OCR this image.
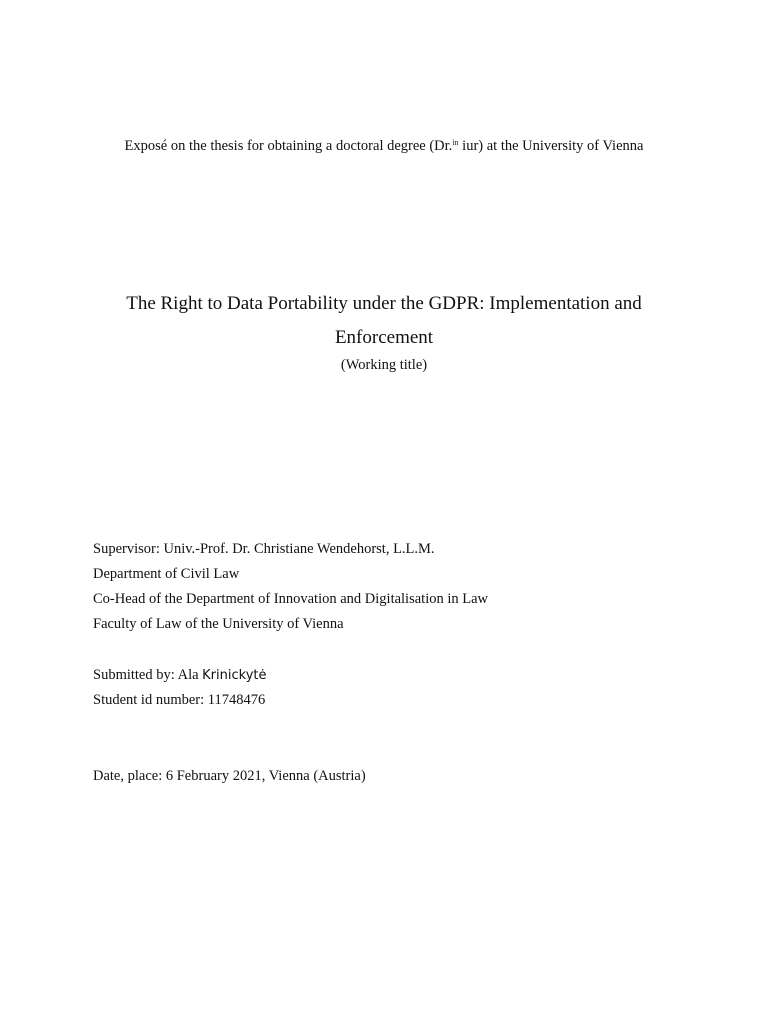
Exposé on the thesis for obtaining a doctoral degree (Dr.$^{in}$ iur) at the University of Vienna
The Right to Data Portability under the GDPR: Implementation and Enforcement
(Working title)
Supervisor: Univ.-Prof. Dr. Christiane Wendehorst, L.L.M.
Department of Civil Law
Co-Head of the Department of Innovation and Digitalisation in Law
Faculty of Law of the University of Vienna
Submitted by: Ala Krinickytė
Student id number: 11748476
Date, place: 6 February 2021, Vienna (Austria)
